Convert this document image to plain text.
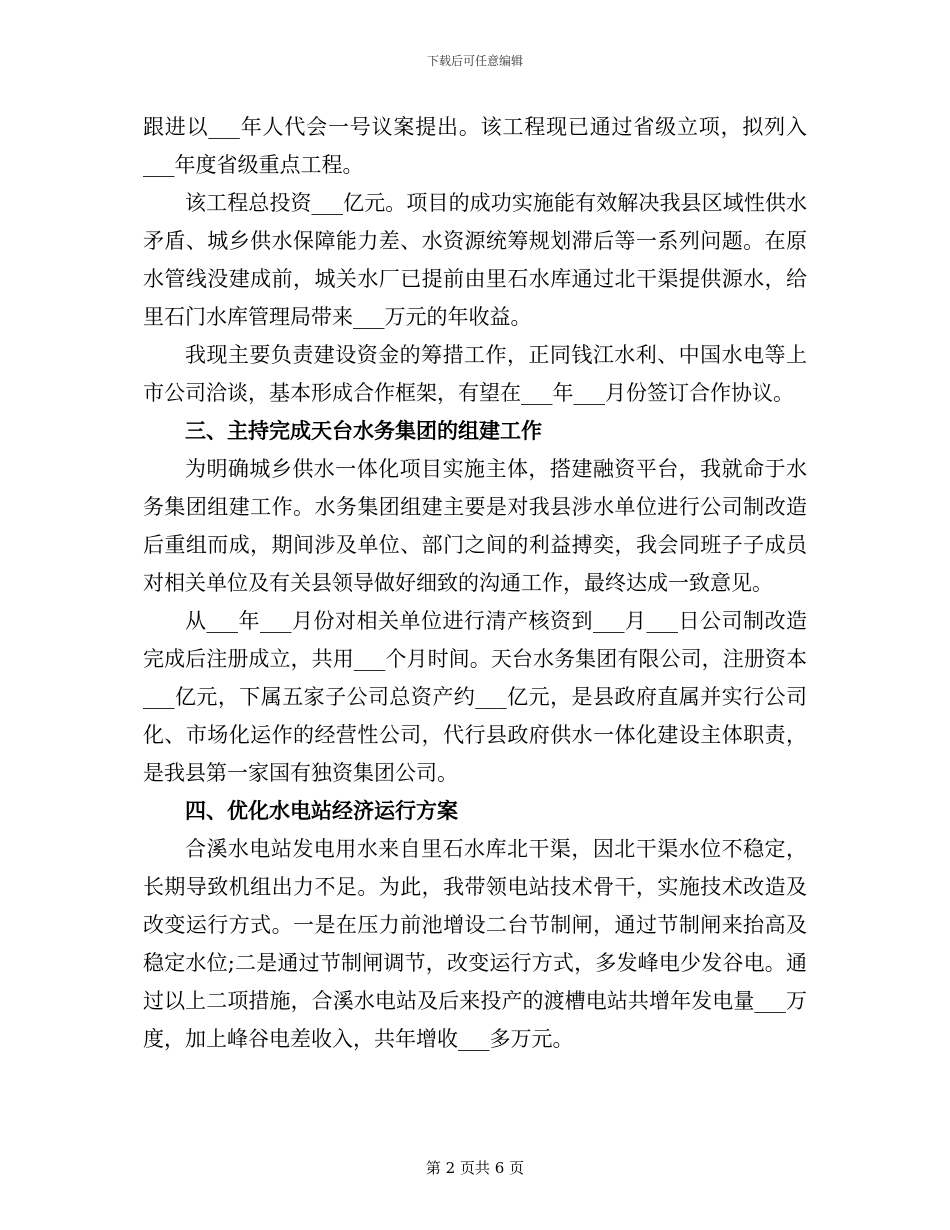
下载后可任意编辑

跟进以___年人代会一号议案提出。该工程现已通过省级立项，拟列入___年度省级重点工程。

该工程总投资___亿元。项目的成功实施能有效解决我县区域性供水矛盾、城乡供水保障能力差、水资源统筹规划滞后等一系列问题。在原水管线没建成前，城关水厂已提前由里石水库通过北干渠提供源水，给里石门水库管理局带来___万元的年收益。

我现主要负责建设资金的筹措工作，正同钱江水利、中国水电等上市公司洽谈，基本形成合作框架，有望在___年___月份签订合作协议。

三、主持完成天台水务集团的组建工作

为明确城乡供水一体化项目实施主体，搭建融资平台，我就命于水务集团组建工作。水务集团组建主要是对我县涉水单位进行公司制改造后重组而成，期间涉及单位、部门之间的利益搏奕，我会同班子子成员对相关单位及有关县领导做好细致的沟通工作，最终达成一致意见。

从___年___月份对相关单位进行清产核资到___月___日公司制改造完成后注册成立，共用___个月时间。天台水务集团有限公司，注册资本___亿元，下属五家子公司总资产约___亿元，是县政府直属并实行公司化、市场化运作的经营性公司，代行县政府供水一体化建设主体职责，是我县第一家国有独资集团公司。

四、优化水电站经济运行方案

合溪水电站发电用水来自里石水库北干渠，因北干渠水位不稳定，长期导致机组出力不足。为此，我带领电站技术骨干，实施技术改造及改变运行方式。一是在压力前池增设二台节制闸，通过节制闸来抬高及稳定水位;二是通过节制闸调节，改变运行方式，多发峰电少发谷电。通过以上二项措施，合溪水电站及后来投产的渡槽电站共增年发电量___万度，加上峰谷电差收入，共年增收___多万元。

第 2 页共 6 页
